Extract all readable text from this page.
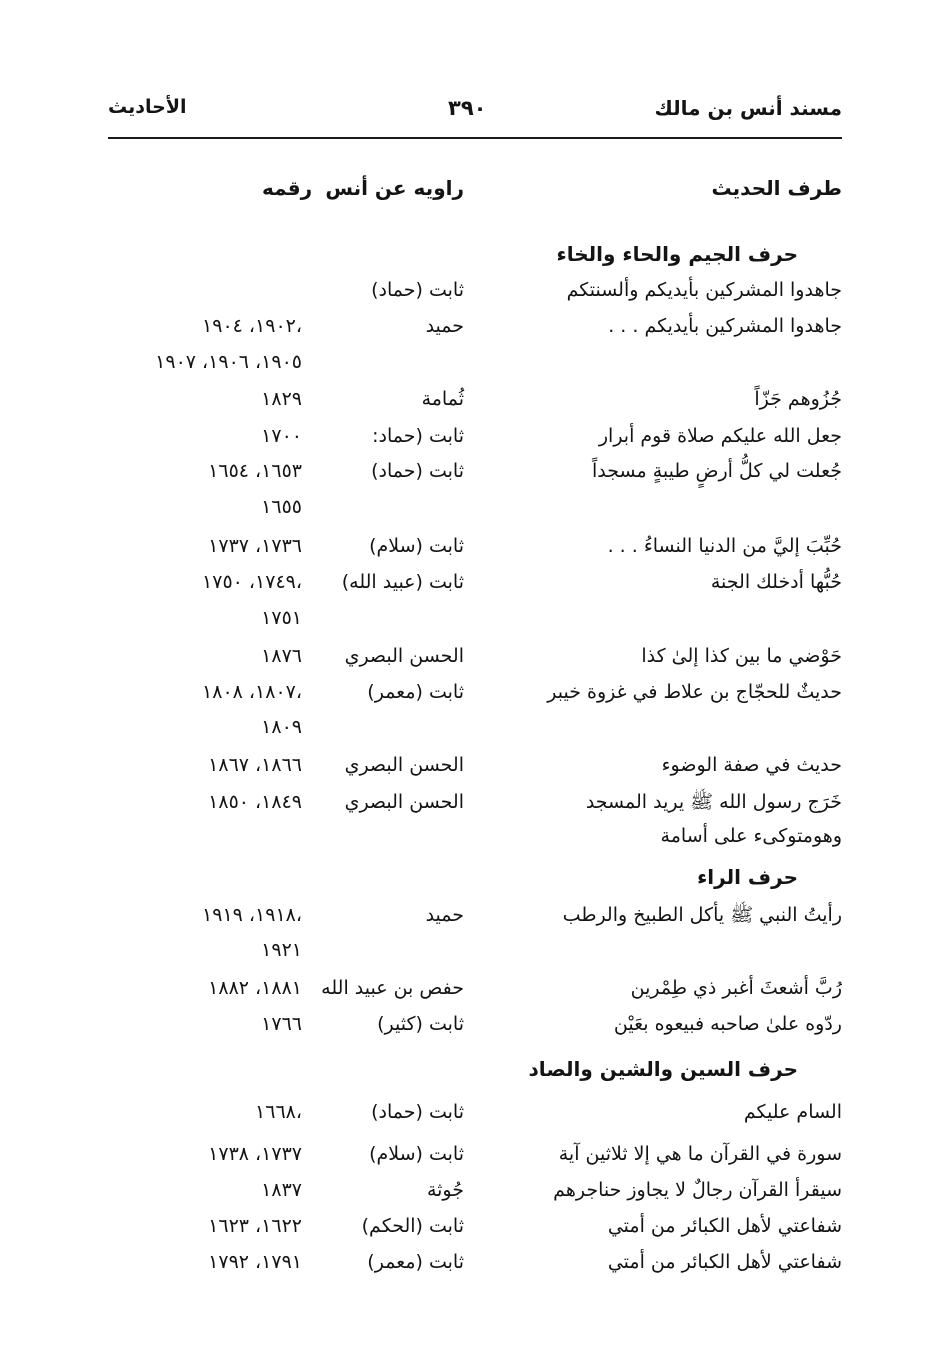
الأحاديث	٣٩٠	مسند أنس بن مالك
طرف الحديث
راويه عن أنس
رقمه
حرف الجيم والحاء والخاء
جاهدوا المشركين بأيديكم وألسنتكم
ثابت (حماد)
جاهدوا المشركين بأيديكم . . .
حميد
١٩٠٢، ١٩٠٤،
١٩٠٥، ١٩٠٦، ١٩٠٧
جُزُوهم جَزّاً
ثُمامة
١٨٢٩
جعل الله عليكم صلاة قوم أبرار
ثابت (حماد:
١٧٠٠
جُعلت لي كلُّ أرضٍ طيبةٍ مسجداً
ثابت (حماد)
١٦٥٣، ١٦٥٤
١٦٥٥
حُبِّبَ إليَّ من الدنيا النساءُ . . .
ثابت (سلام)
١٧٣٦، ١٧٣٧
حُبُّها أدخلك الجنة
ثابت (عبيد الله)
١٧٤٩، ١٧٥٠،
١٧٥١
حَوْضي ما بين كذا إلىٰ كذا
الحسن البصري
١٨٧٦
حديثٌ للحجّاج بن علاط في غزوة خيبر
ثابت (معمر)
١٨٠٧، ١٨٠٨،
١٨٠٩
حديث في صفة الوضوء
الحسن البصري
١٨٦٦، ١٨٦٧
خَرَج رسول الله ﷺ يريد المسجد
الحسن البصري
١٨٤٩، ١٨٥٠
وهومتوكىء على أسامة
حرف الراء
رأيتُ النبي ﷺ يأكل الطبيخ والرطب
حميد
١٩١٨، ١٩١٩،
١٩٢١
رُبَّ أشعثَ أغبر ذي طِمْرين
حفص بن عبيد الله
١٨٨١، ١٨٨٢
ردّوه علىٰ صاحبه فبيعوه بعَيْن
ثابت (كثير)
١٧٦٦
حرف السين والشين والصاد
السام عليكم
ثابت (حماد)
١٦٦٨،
سورة في القرآن ما هي إلا ثلاثين آية
ثابت (سلام)
١٧٣٧، ١٧٣٨
سيقرأ القرآن رجالٌ لا يجاوز حناجرهم
جُوثة
١٨٣٧
شفاعتي لأهل الكبائر من أمتي
ثابت (الحكم)
١٦٢٢، ١٦٢٣
شفاعتي لأهل الكبائر من أمتي
ثابت (معمر)
١٧٩١، ١٧٩٢
